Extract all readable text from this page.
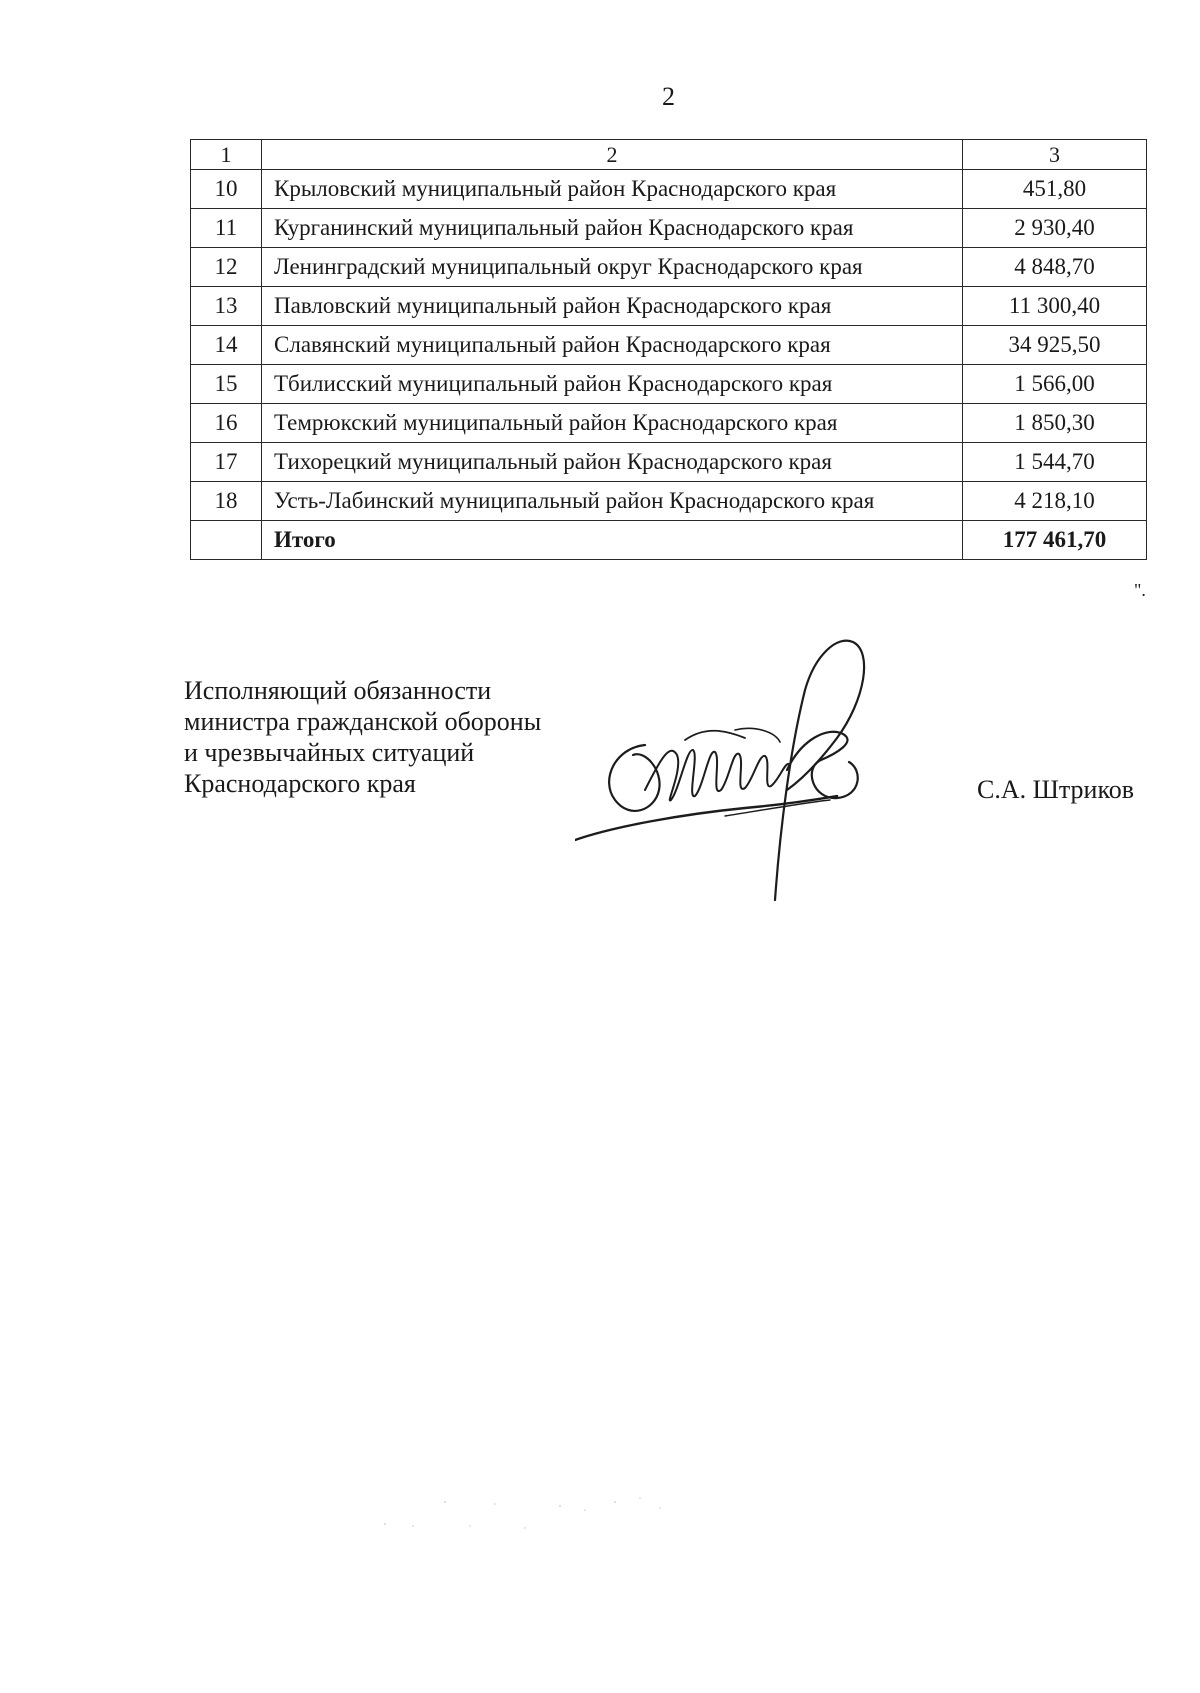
2
1	2	3
10	Крыловский муниципальный район Краснодарского края	451,80
11	Курганинский муниципальный район Краснодарского края	2 930,40
12	Ленинградский муниципальный округ Краснодарского края	4 848,70
13	Павловский муниципальный район Краснодарского края	11 300,40
14	Славянский муниципальный район Краснодарского края	34 925,50
15	Тбилисский муниципальный район Краснодарского края	1 566,00
16	Темрюкский муниципальный район Краснодарского края	1 850,30
17	Тихорецкий муниципальный район Краснодарского края	1 544,70
18	Усть-Лабинский муниципальный район Краснодарского края	4 218,10
	Итого	177 461,70
".
Исполняющий обязанности
министра гражданской обороны
и чрезвычайных ситуаций
Краснодарского края	С.А. Штриков
